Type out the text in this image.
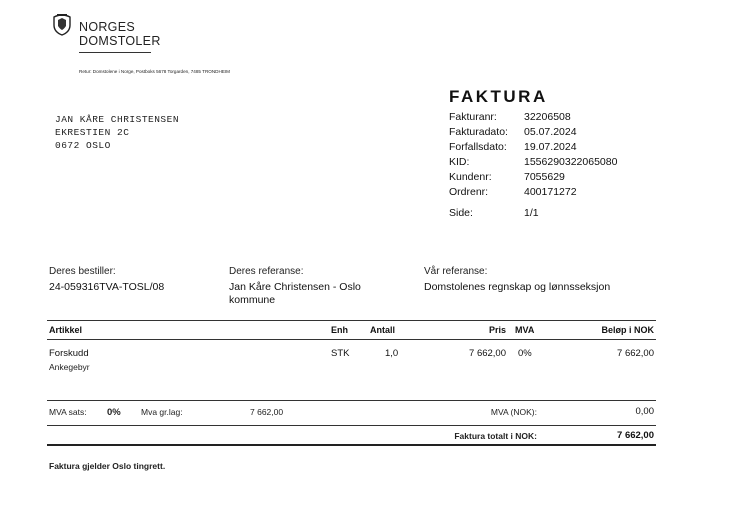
NORGES
DOMSTOLER
Retur: Domstolene i Norge, Postboks 5678 Torgarden, 7485 TRONDHEIM
JAN KÅRE CHRISTENSEN
EKRESTIEN 2C
0672 OSLO
FAKTURA
Fakturanr:	32206508
Fakturadato: 05.07.2024
Forfallsdato: 19.07.2024
KID:	1556290322065080
Kundenr:	7055629
Ordrenr:	400171272
Side:	1/1
Deres bestiller:
24-059316TVA-TOSL/08
Deres referanse:
Jan Kåre Christensen - Oslo
kommune
Vår referanse:
Domstolenes regnskap og lønnsseksjon
Artikkel	Enh Antall	Pris MVA	Beløp i NOK
Forskudd
Ankegebyr
STK	1,0	7 662,00 0%	7 662,00
MVA sats: 0% Mva gr.lag:	7 662,00	MVA (NOK):	0,00
Faktura totalt i NOK:	7 662,00
Faktura gjelder Oslo tingrett.
